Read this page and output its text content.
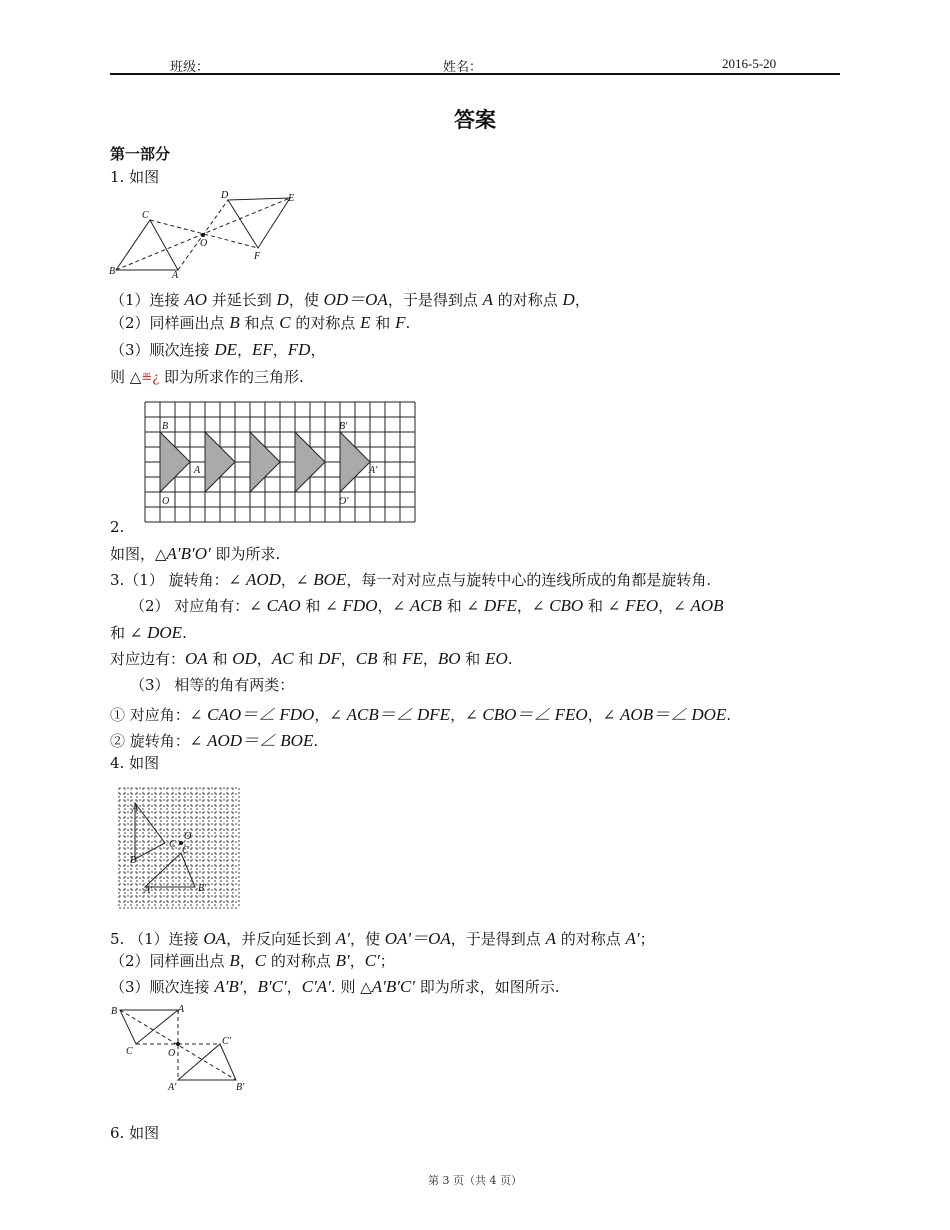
班级：	姓名：	2016-5-20
答案
第一部分
1. 如图
A
B
C
O
D	E
F
（1）连接 AO 并延长到 D，使 OD＝OA，于是得到点 A 的对称点 D，
（2）同样画出点 B 和点 C 的对称点 E 和 F.
（3）顺次连接 DE，EF，FD，
则 △≝¿ 即为所求作的三角形.
B
A
O
B′
A′
O′
2.
如图，△A′B′O′ 即为所求.
3.（1） 旋转角：∠ AOD，∠ BOE，每一对对应点与旋转中心的连线所成的角都是旋转角.
（2） 对应角有：∠ CAO 和 ∠ FDO，∠ ACB 和 ∠ DFE，∠ CBO 和 ∠ FEO，∠ AOB
和 ∠ DOE.
对应边有：OA 和 OD，AC 和 DF，CB 和 FE，BO 和 EO.
（3） 相等的角有两类：
① 对应角：∠ CAO＝∠ FDO，∠ ACB＝∠ DFE，∠ CBO＝∠ FEO，∠ AOB＝∠ DOE.
② 旋转角：∠ AOD＝∠ BOE.
4. 如图
A
B
C
O
C
A′	B′
5. （1）连接 OA，并反向延长到 A′，使 OA′＝OA，于是得到点 A 的对称点 A′；
（2）同样画出点 B，C 的对称点 B′，C′；
（3）顺次连接 A′B′，B′C′，C′A′. 则 △A′B′C′ 即为所求，如图所示.
B	A
C	O
C′
A′	B′
6. 如图
第 3 页（共 4 页）
